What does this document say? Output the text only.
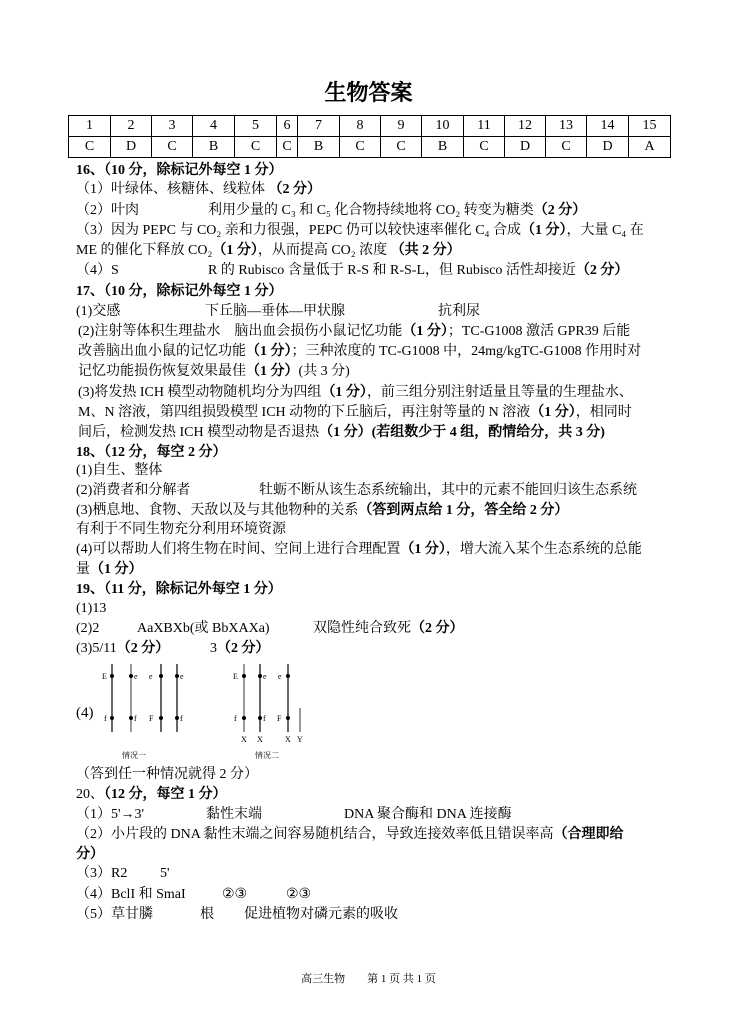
生物答案
1	2	3	4	5	6	7	8	9	10	11	12	13	14	15
C	D	C	B	C	C	B	C	C	B	C	D	C	D	A
16、（10 分，除标记外每空 1 分）
（1）叶绿体、核糖体、线粒体 （2 分）
（2）叶肉	利用少量的 C₃ 和 C₅ 化合物持续地将 CO₂ 转变为糖类（2 分）
（3）因为 PEPC 与 CO₂ 亲和力很强，PEPC 仍可以较快速率催化 C₄ 合成（1 分），大量 C₄ 在
ME 的催化下释放 CO₂（1 分），从而提高 CO₂ 浓度 （共 2 分）
（4）S	R 的 Rubisco 含量低于 R-S 和 R-S-L，但 Rubisco 活性却接近（2 分）
17、（10 分，除标记外每空 1 分）
(1)交感	下丘脑—垂体—甲状腺	抗利尿
(2)注射等体积生理盐水　脑出血会损伤小鼠记忆功能（1 分）；TC-G1008 激活 GPR39 后能
改善脑出血小鼠的记忆功能（1 分）；三种浓度的 TC-G1008 中，24mg/kgTC-G1008 作用时对
记忆功能损伤恢复效果最佳（1 分）(共 3 分)
(3)将发热 ICH 模型动物随机均分为四组（1 分），前三组分别注射适量且等量的生理盐水、
M、N 溶液，第四组损毁模型 ICH 动物的下丘脑后，再注射等量的 N 溶液（1 分），相同时
间后，检测发热 ICH 模型动物是否退热（1 分）(若组数少于 4 组，酌情给分，共 3 分)
18、（12 分，每空 2 分）
(1)自生、整体
(2)消费者和分解者	牡蛎不断从该生态系统输出，其中的元素不能回归该生态系统
(3)栖息地、食物、天敌以及与其他物种的关系（答到两点给 1 分，答全给 2 分）
有利于不同生物充分利用环境资源
(4)可以帮助人们将生物在时间、空间上进行合理配置（1 分），增大流入某个生态系统的总能
量（1 分）
19、（11 分，除标记外每空 1 分）
(1)13
(2)2	AaXBXb(或 BbXAXa)	双隐性纯合致死（2 分）
(3)5/11（2 分）	3（2 分）
(4)
E	e e	e
f	f F	f
E	e e
f	f F
X X	X Y
情况一	情况二
（答到任一种情况就得 2 分）
20、（12 分，每空 1 分）
（1）5'→3'	黏性末端	DNA 聚合酶和 DNA 连接酶
（2）小片段的 DNA 黏性末端之间容易随机结合，导致连接效率低且错误率高（合理即给
分）
（3）R2 5'
（4）BclI 和 SmaI	②③	②③
（5）草甘膦	根 促进植物对磷元素的吸收
高三生物   第 1 页 共 1 页
